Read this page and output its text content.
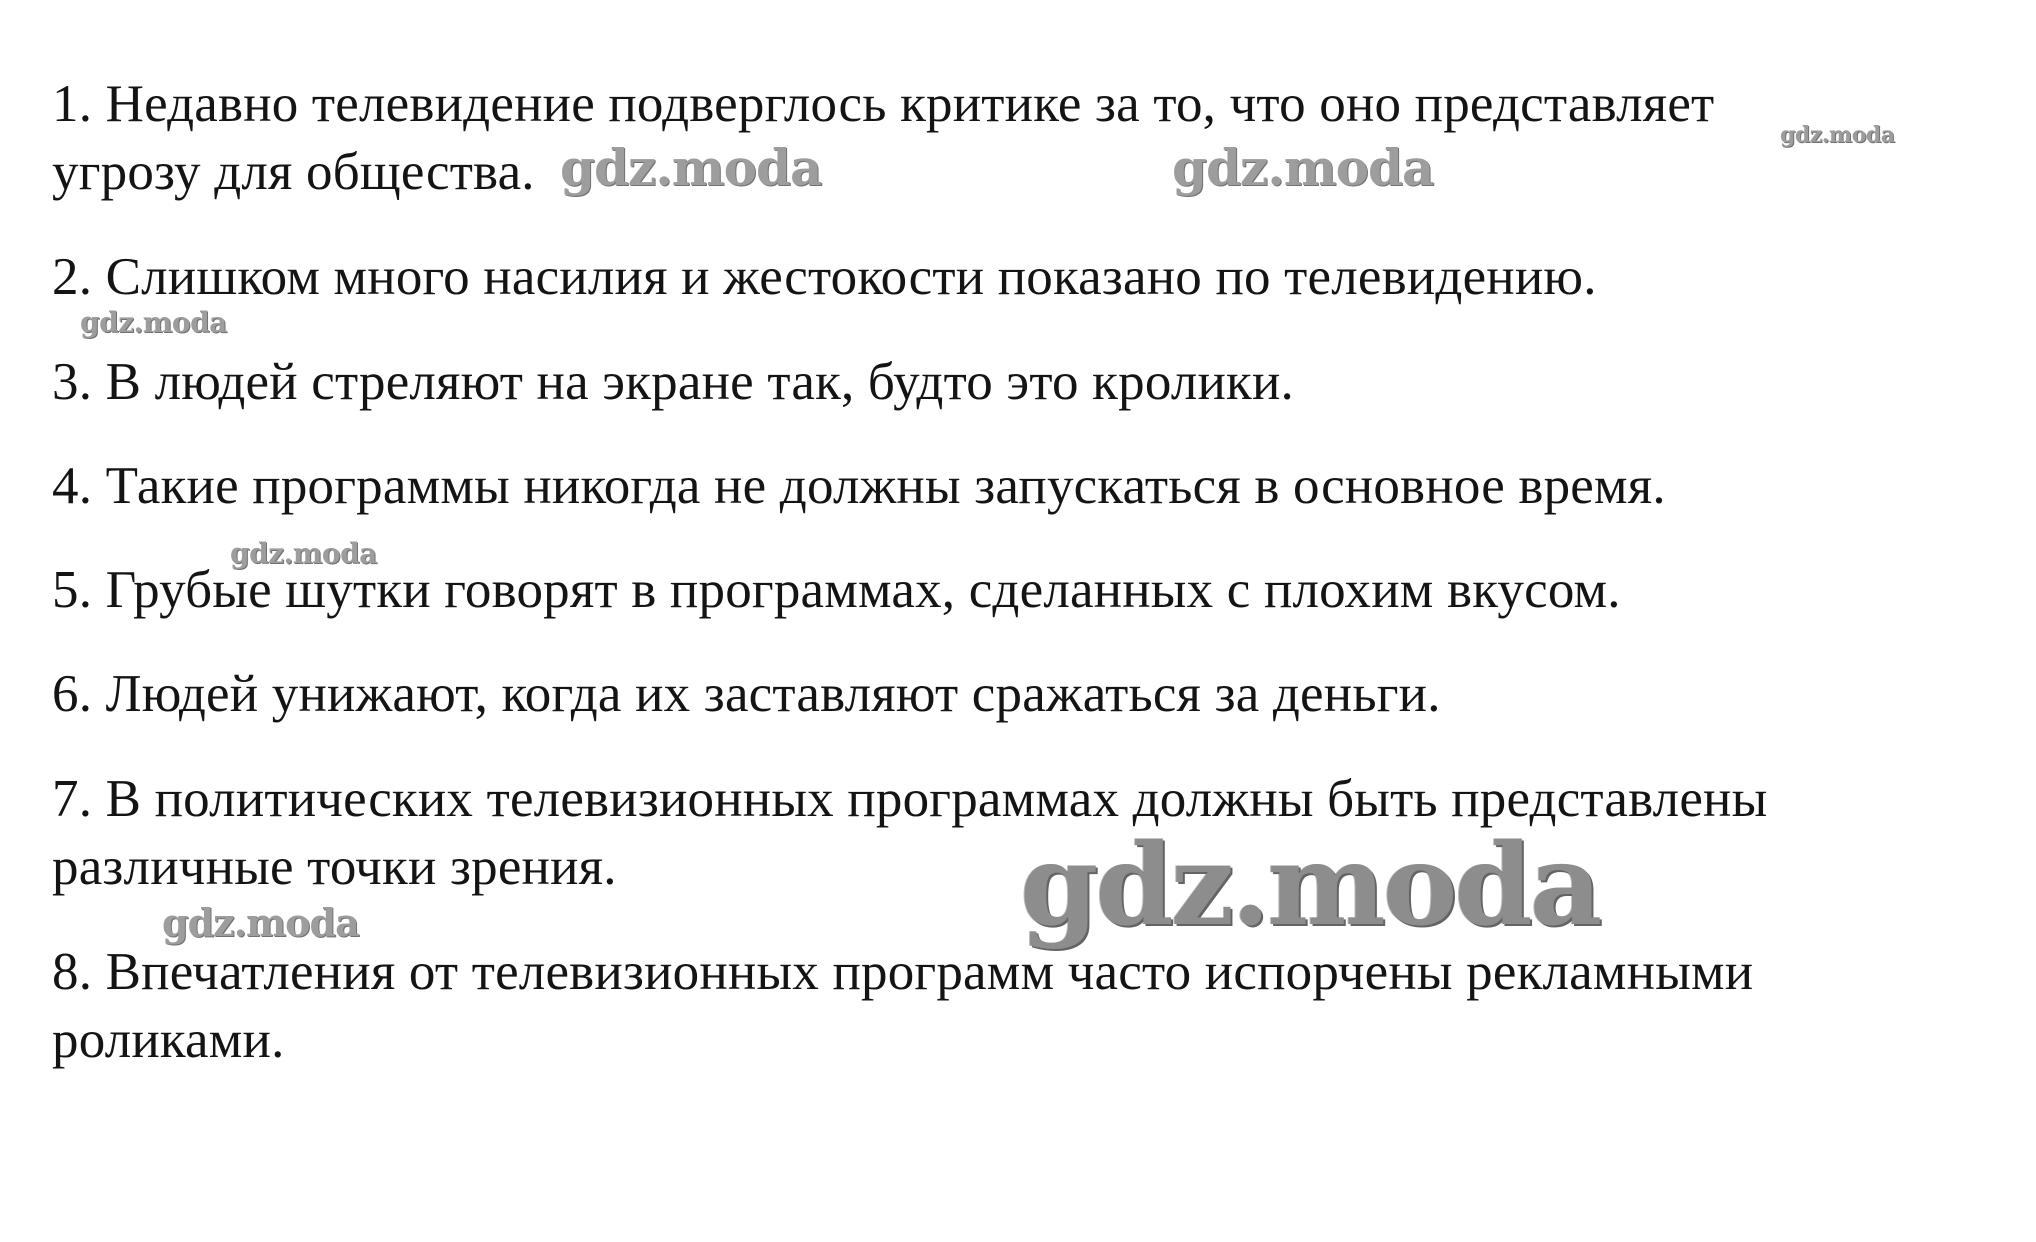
1. Недавно телевидение подверглось критике за то, что оно представляет
угрозу для общества.
2. Слишком много насилия и жестокости показано по телевидению.
3. В людей стреляют на экране так, будто это кролики.
4. Такие программы никогда не должны запускаться в основное время.
5. Грубые шутки говорят в программах, сделанных с плохим вкусом.
6. Людей унижают, когда их заставляют сражаться за деньги.
7. В политических телевизионных программах должны быть представлены
различные точки зрения.
8. Впечатления от телевизионных программ часто испорчены рекламными
роликами.
gdz.moda	gdz.moda
gdz.moda
gdz.moda
gdz.moda
gdz.moda	gdz.moda
